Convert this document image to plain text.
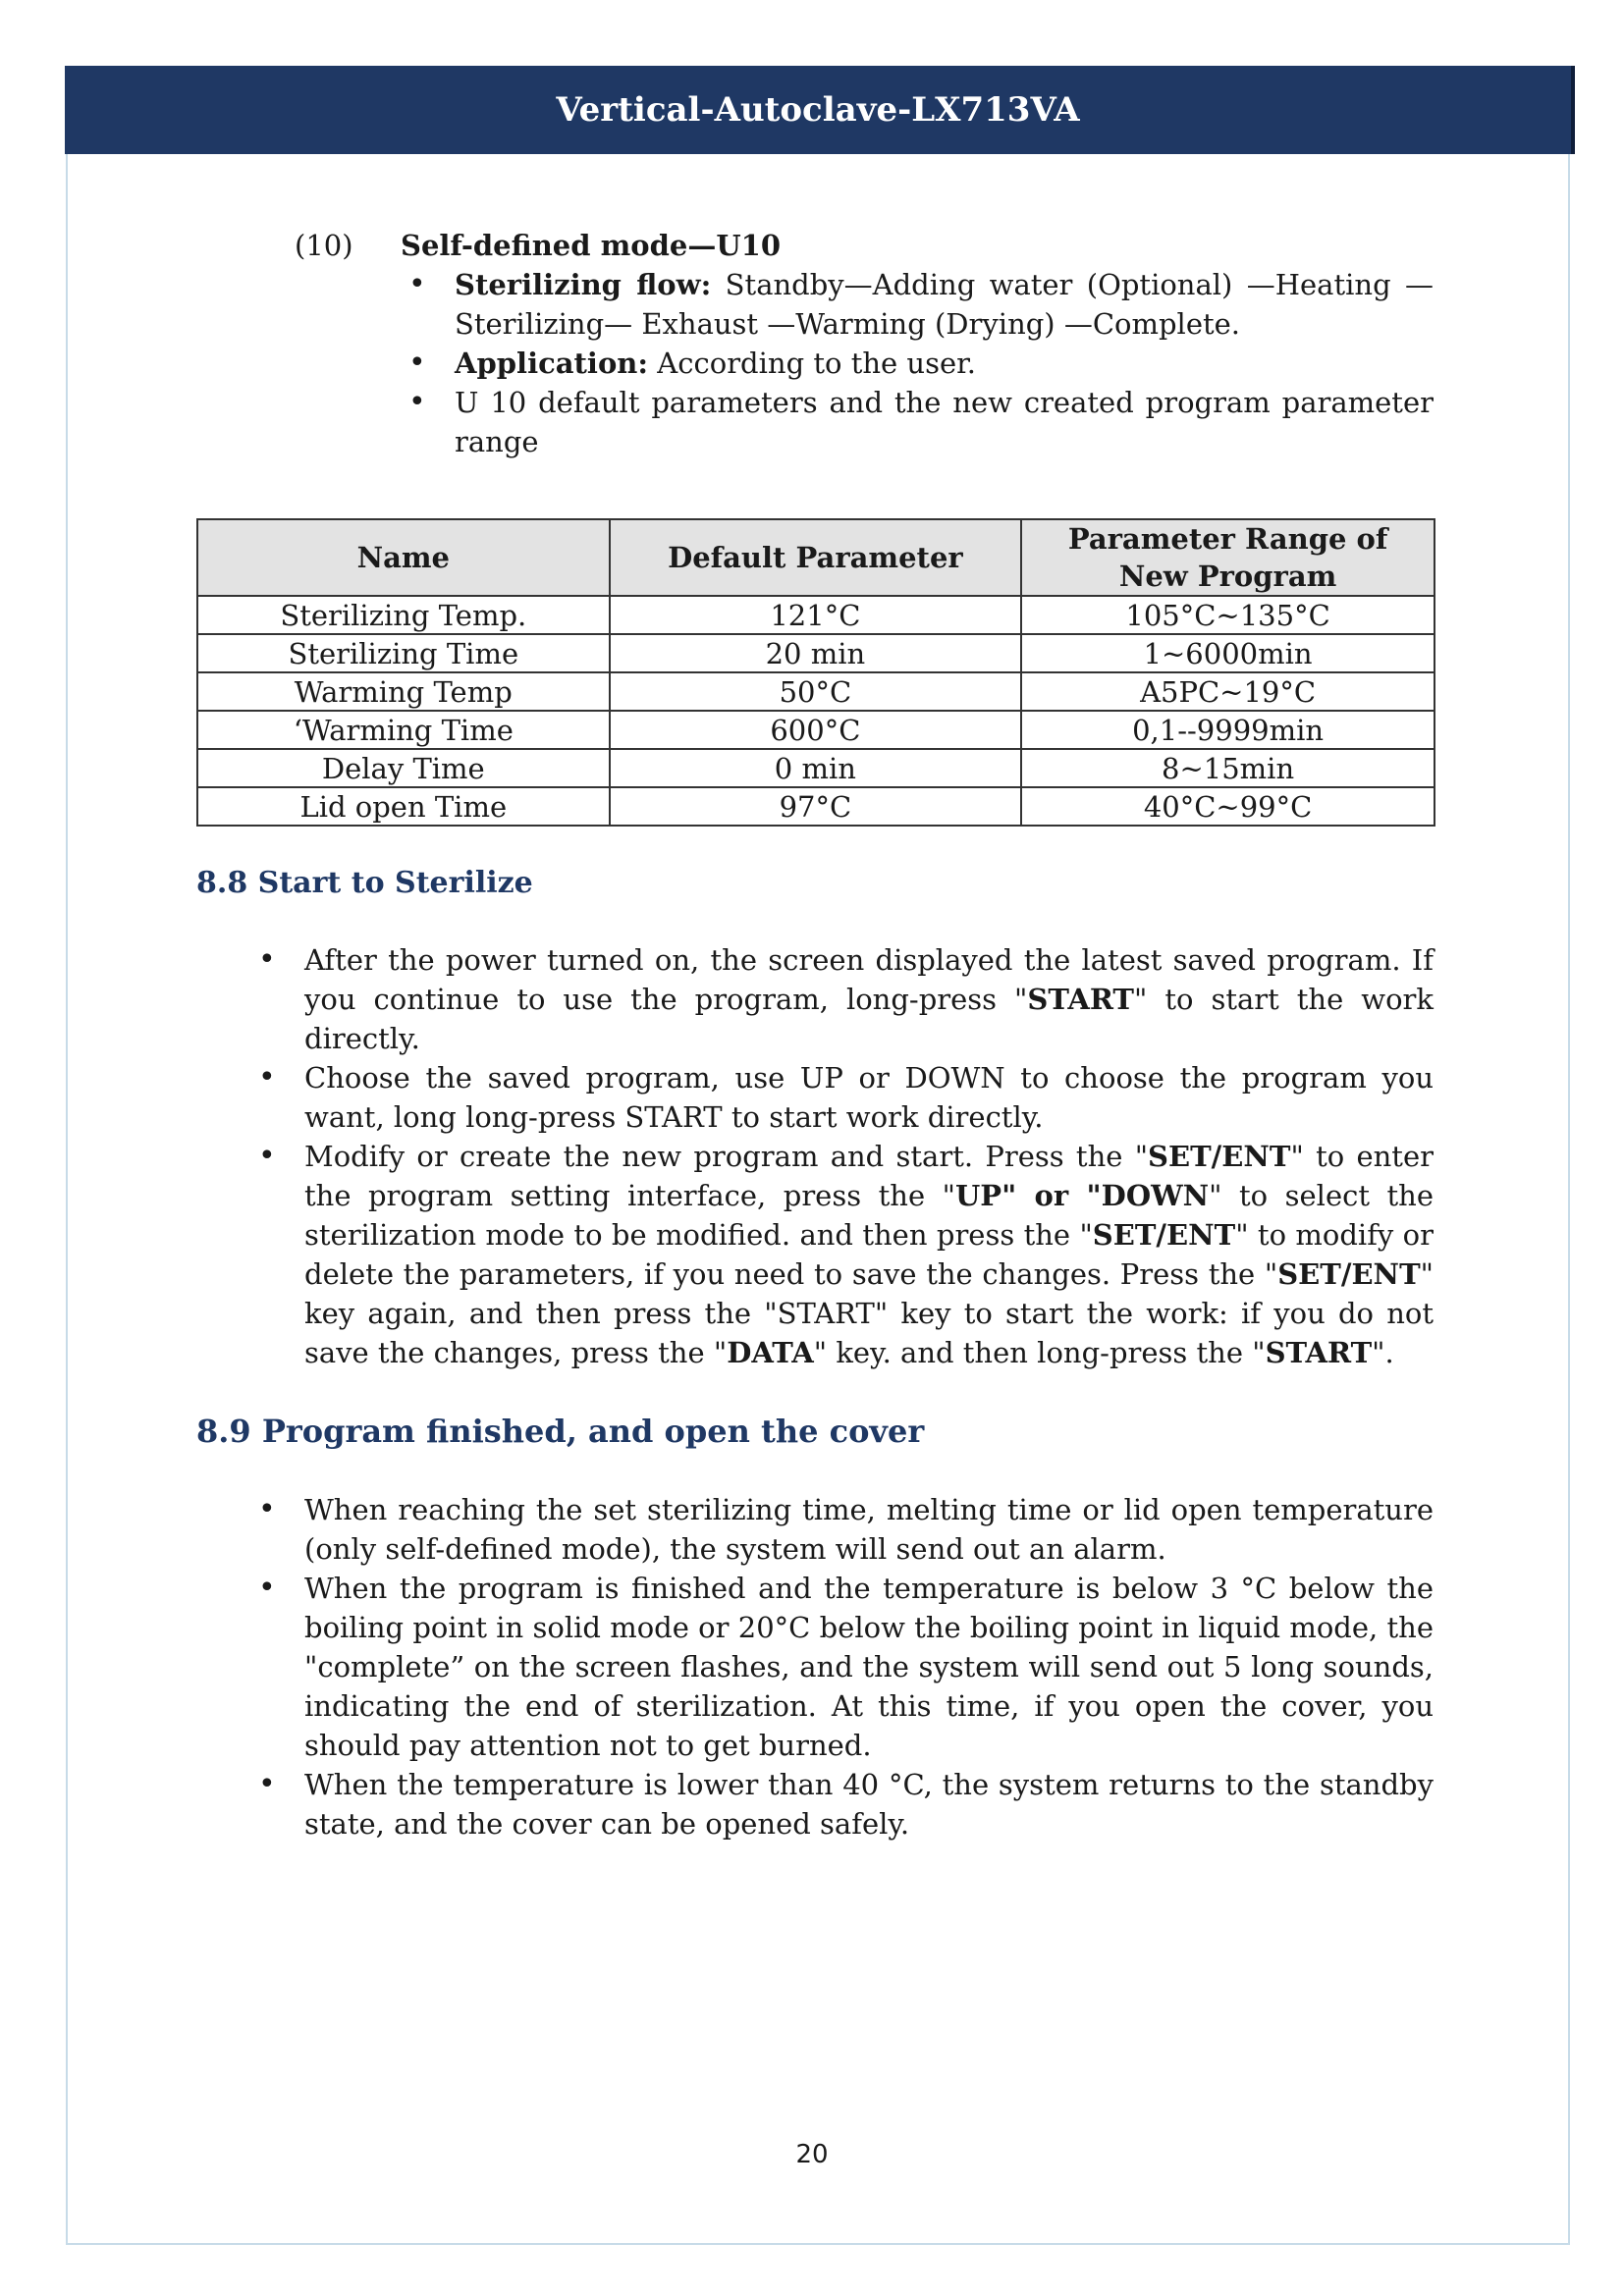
Vertical-Autoclave-LX713VA
(10)	Self-defined mode—U10
• Sterilizing flow: Standby—Adding water (Optional) —Heating — Sterilizing— Exhaust —Warming (Drying) —Complete.
• Application: According to the user.
• U 10 default parameters and the new created program parameter range
Name	Default Parameter	Parameter Range of New Program
Sterilizing Temp.	121°C	105°C~135°C
Sterilizing Time	20 min	1~6000min
Warming Temp	50°C	A5PC~19°C
‘Warming Time	600°C	0,1--9999min
Delay Time	0 min	8~15min
Lid open Time	97°C	40°C~99°C
8.8 Start to Sterilize
• After the power turned on, the screen displayed the latest saved program. If you continue to use the program, long-press "START" to start the work directly.
• Choose the saved program, use UP or DOWN to choose the program you want, long long-press START to start work directly.
• Modify or create the new program and start. Press the "SET/ENT" to enter the program setting interface, press the "UP" or "DOWN" to select the sterilization mode to be modified. and then press the "SET/ENT" to modify or delete the parameters, if you need to save the changes. Press the "SET/ENT" key again, and then press the "START" key to start the work: if you do not save the changes, press the "DATA" key. and then long-press the "START".
8.9 Program finished, and open the cover
• When reaching the set sterilizing time, melting time or lid open temperature (only self-defined mode), the system will send out an alarm.
• When the program is finished and the temperature is below 3 °C below the boiling point in solid mode or 20°C below the boiling point in liquid mode, the "complete” on the screen flashes, and the system will send out 5 long sounds, indicating the end of sterilization. At this time, if you open the cover, you should pay attention not to get burned.
• When the temperature is lower than 40 °C, the system returns to the standby state, and the cover can be opened safely.
20
